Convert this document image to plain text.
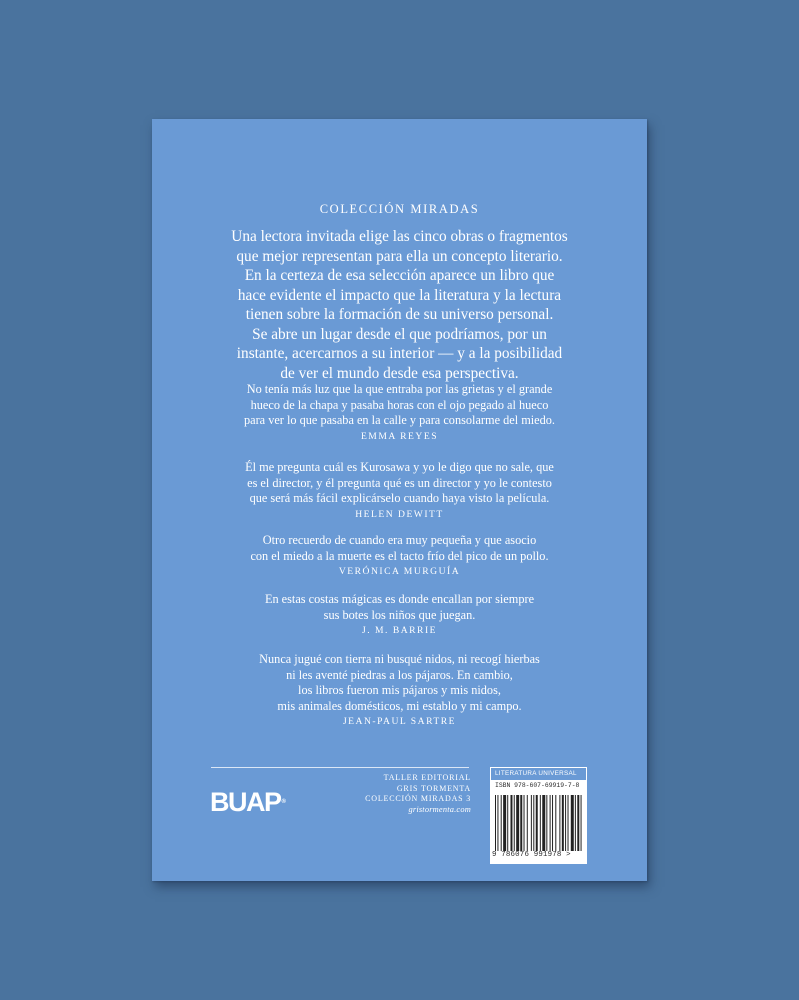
COLECCIÓN MIRADAS
Una lectora invitada elige las cinco obras o fragmentos
que mejor representan para ella un concepto literario.
En la certeza de esa selección aparece un libro que
hace evidente el impacto que la literatura y la lectura
tienen sobre la formación de su universo personal.
Se abre un lugar desde el que podríamos, por un
instante, acercarnos a su interior — y a la posibilidad
de ver el mundo desde esa perspectiva.
No tenía más luz que la que entraba por las grietas y el grande
hueco de la chapa y pasaba horas con el ojo pegado al hueco
para ver lo que pasaba en la calle y para consolarme del miedo.
EMMA REYES
Él me pregunta cuál es Kurosawa y yo le digo que no sale, que
es el director, y él pregunta qué es un director y yo le contesto
que será más fácil explicárselo cuando haya visto la película.
HELEN DEWITT
Otro recuerdo de cuando era muy pequeña y que asocio
con el miedo a la muerte es el tacto frío del pico de un pollo.
VERÓNICA MURGUÍA
En estas costas mágicas es donde encallan por siempre
sus botes los niños que juegan.
J. M. BARRIE
Nunca jugué con tierra ni busqué nidos, ni recogí hierbas
ni les aventé piedras a los pájaros. En cambio,
los libros fueron mis pájaros y mis nidos,
mis animales domésticos, mi establo y mi campo.
JEAN-PAUL SARTRE
BUAP®
TALLER EDITORIAL
GRIS TORMENTA
COLECCIÓN MIRADAS 3
gristormenta.com
LITERATURA UNIVERSAL
ISBN 978-607-69919-7-8
9 786076 991978 >
